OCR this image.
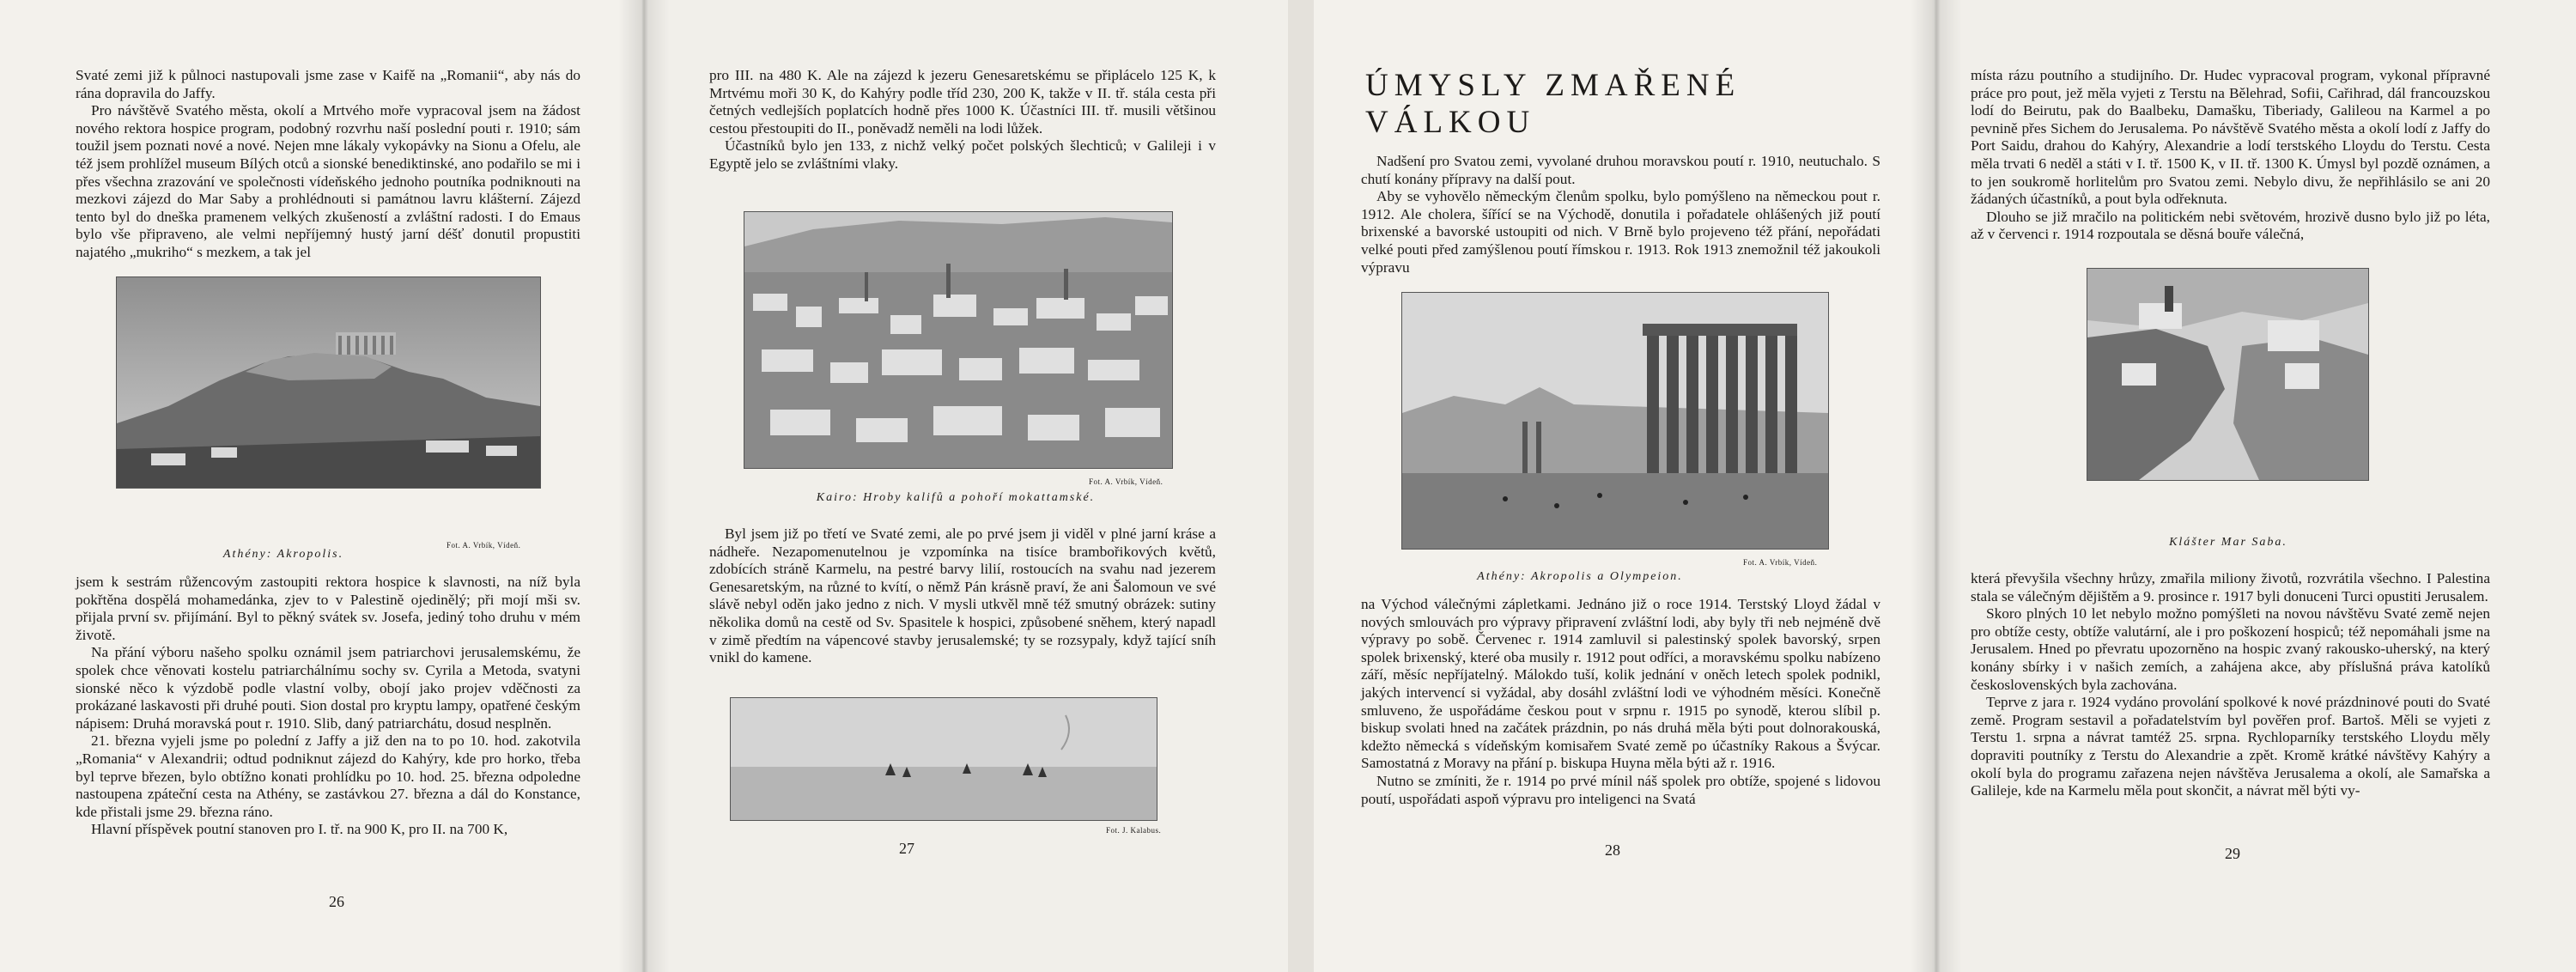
Svaté zemi již k půlnoci nastupovali jsme zase v Kaifě na „Romanii“, aby nás do rána dopravila do Jaffy.

Pro návštěvě Svatého města, okolí a Mrtvého moře vypracoval jsem na žádost nového rektora hospice program, podobný rozvrhu naší poslední pouti r. 1910; sám toužil jsem poznati nové a nové. Nejen mne lákaly vykopávky na Sionu a Ofelu, ale též jsem prohlížel museum Bílých otců a sionské benediktinské, ano podařilo se mi i přes všechna zrazování ve společnosti vídeňského jednoho poutníka podniknouti na mezkovi zájezd do Mar Saby a prohlédnouti si památnou lavru klášterní. Zájezd tento byl do dneška pramenem velkých zkušeností a zvláštní radosti. I do Emaus bylo vše připraveno, ale velmi nepříjemný hustý jarní déšť donutil propustiti najatého „mukriho“ s mezkem, a tak jel

Athény: Akropolis.
Fot. A. Vrbík, Vídeň.

jsem k sestrám růžencovým zastoupiti rektora hospice k slavnosti, na níž byla pokřtěna dospělá mohamedánka, zjev to v Palestině ojedinělý; při mojí mši sv. přijala první sv. přijímání. Byl to pěkný svátek sv. Josefa, jediný toho druhu v mém životě.

Na přání výboru našeho spolku oznámil jsem patriarchovi jerusalemskému, že spolek chce věnovati kostelu patriarchálnímu sochy sv. Cyrila a Metoda, svatyni sionské něco k výzdobě podle vlastní volby, obojí jako projev vděčnosti za prokázané laskavosti při druhé pouti. Sion dostal pro kryptu lampy, opatřené českým nápisem: Druhá moravská pout r. 1910. Slib, daný patriarchátu, dosud nesplněn.

21. března vyjeli jsme po polední z Jaffy a již den na to po 10. hod. zakotvila „Romania“ v Alexandrii; odtud podniknut zájezd do Kahýry, kde pro horko, třeba byl teprve březen, bylo obtížno konati prohlídku po 10. hod. 25. března odpoledne nastoupena zpáteční cesta na Athény, se zastávkou 27. března a dál do Konstance, kde přistali jsme 29. března ráno.

Hlavní příspěvek poutní stanoven pro I. tř. na 900 K, pro II. na 700 K,

26

pro III. na 480 K. Ale na zájezd k jezeru Genesaretskému se připlácelo 125 K, k Mrtvému moři 30 K, do Kahýry podle tříd 230, 200 K, takže v II. tř. stála cesta při četných vedlejších poplatcích hodně přes 1000 K. Účastníci III. tř. musili většinou cestou přestoupiti do II., poněvadž neměli na lodi lůžek.

Účastníků bylo jen 133, z nichž velký počet polských šlechticů; v Galileji i v Egyptě jelo se zvláštními vlaky.

Fot. A. Vrbík, Vídeň.
Kairo: Hroby kalifů a pohoří mokattamské.

Byl jsem již po třetí ve Svaté zemi, ale po prvé jsem ji viděl v plné jarní kráse a nádheře. Nezapomenutelnou je vzpomínka na tisíce brambořikových květů, zdobících stráně Karmelu, na pestré barvy lilií, rostoucích na svahu nad jezerem Genesaretským, na různé to kvítí, o němž Pán krásně praví, že ani Šalomoun ve své slávě nebyl oděn jako jedno z nich. V mysli utkvěl mně též smutný obrázek: sutiny několika domů na cestě od Sv. Spasitele k hospici, způsobené sněhem, který napadl v zimě předtím na vápencové stavby jerusalemské; ty se rozsypaly, když tající sníh vnikl do kamene.

Fot. J. Kalabus.
27
ÚMYSLY ZMAŘENÉ VÁLKOU

Nadšení pro Svatou zemi, vyvolané druhou moravskou poutí r. 1910, neutuchalo. S chutí konány přípravy na další pout.

Aby se vyhovělo německým členům spolku, bylo pomýšleno na německou pout r. 1912. Ale cholera, šířící se na Východě, donutila i pořadatele ohlášených již poutí brixenské a bavorské ustoupiti od nich. V Brně bylo projeveno též přání, nepořádati velké pouti před zamýšlenou poutí římskou r. 1913. Rok 1913 znemožnil též jakoukoli výpravu

Fot. A. Vrbík, Vídeň.
Athény: Akropolis a Olympeion.

na Východ válečnými zápletkami. Jednáno již o roce 1914. Terstský Lloyd žádal v nových smlouvách pro výpravy připravení zvláštní lodi, aby byly tři neb nejméně dvě výpravy po sobě. Červenec r. 1914 zamluvil si palestinský spolek bavorský, srpen spolek brixenský, které oba musily r. 1912 pout odříci, a moravskému spolku nabízeno září, měsíc nepříjatelný. Málokdo tuší, kolik jednání v oněch letech spolek podnikl, jakých intervencí si vyžádal, aby dosáhl zvláštní lodi ve výhodném měsíci. Konečně smluveno, že uspořádáme českou pout v srpnu r. 1915 po synodě, kterou slíbil p. biskup svolati hned na začátek prázdnin, po nás druhá měla býti pout dolnorakouská, kdežto německá s vídeňským komisařem Svaté země po účastníky Rakous a Švýcar. Samostatná z Moravy na přání p. biskupa Huyna měla býti až r. 1916.

Nutno se zmíniti, že r. 1914 po prvé mínil náš spolek pro obtíže, spojené s lidovou poutí, uspořádati aspoň výpravu pro inteligenci na Svatá

28

místa rázu poutního a studijního. Dr. Hudec vypracoval program, vykonal přípravné práce pro pout, jež měla vyjeti z Terstu na Bělehrad, Sofii, Cařihrad, dál francouzskou lodí do Beirutu, pak do Baalbeku, Damašku, Tiberiady, Galileou na Karmel a po pevnině přes Sichem do Jerusalema. Po návštěvě Svatého města a okolí lodí z Jaffy do Port Saidu, drahou do Kahýry, Alexandrie a lodí terstského Lloydu do Terstu. Cesta měla trvati 6 neděl a státi v I. tř. 1500 K, v II. tř. 1300 K. Úmysl byl pozdě oznámen, a to jen soukromě horlitelům pro Svatou zemi. Nebylo divu, že nepřihlásilo se ani 20 žádaných účastníků, a pout byla odřeknuta.

Dlouho se již mračilo na politickém nebi světovém, hrozivě dusno bylo již po léta, až v červenci r. 1914 rozpoutala se děsná bouře válečná,

Klášter Mar Saba.

která převyšila všechny hrůzy, zmařila miliony životů, rozvrátila všechno. I Palestina stala se válečným dějištěm a 9. prosince r. 1917 byli donuceni Turci opustiti Jerusalem.

Skoro plných 10 let nebylo možno pomýšleti na novou návštěvu Svaté země nejen pro obtíže cesty, obtíže valutární, ale i pro poškození hospiců; též nepomáhali jsme na Jerusalem. Hned po převratu upozorněno na hospic zvaný rakousko-uherský, na který konány sbírky i v našich zemích, a zahájena akce, aby příslušná práva katolíků československých byla zachována.

Teprve z jara r. 1924 vydáno provolání spolkové k nové prázdninové pouti do Svaté země. Program sestavil a pořadatelstvím byl pověřen prof. Bartoš. Měli se vyjeti z Terstu 1. srpna a návrat tamtéž 25. srpna. Rychloparníky terstského Lloydu měly dopraviti poutníky z Terstu do Alexandrie a zpět. Kromě krátké návštěvy Kahýry a okolí byla do programu zařazena nejen návštěva Jerusalema a okolí, ale Samařska a Galileje, kde na Karmelu měla pout skončit, a návrat měl býti vy-

29
